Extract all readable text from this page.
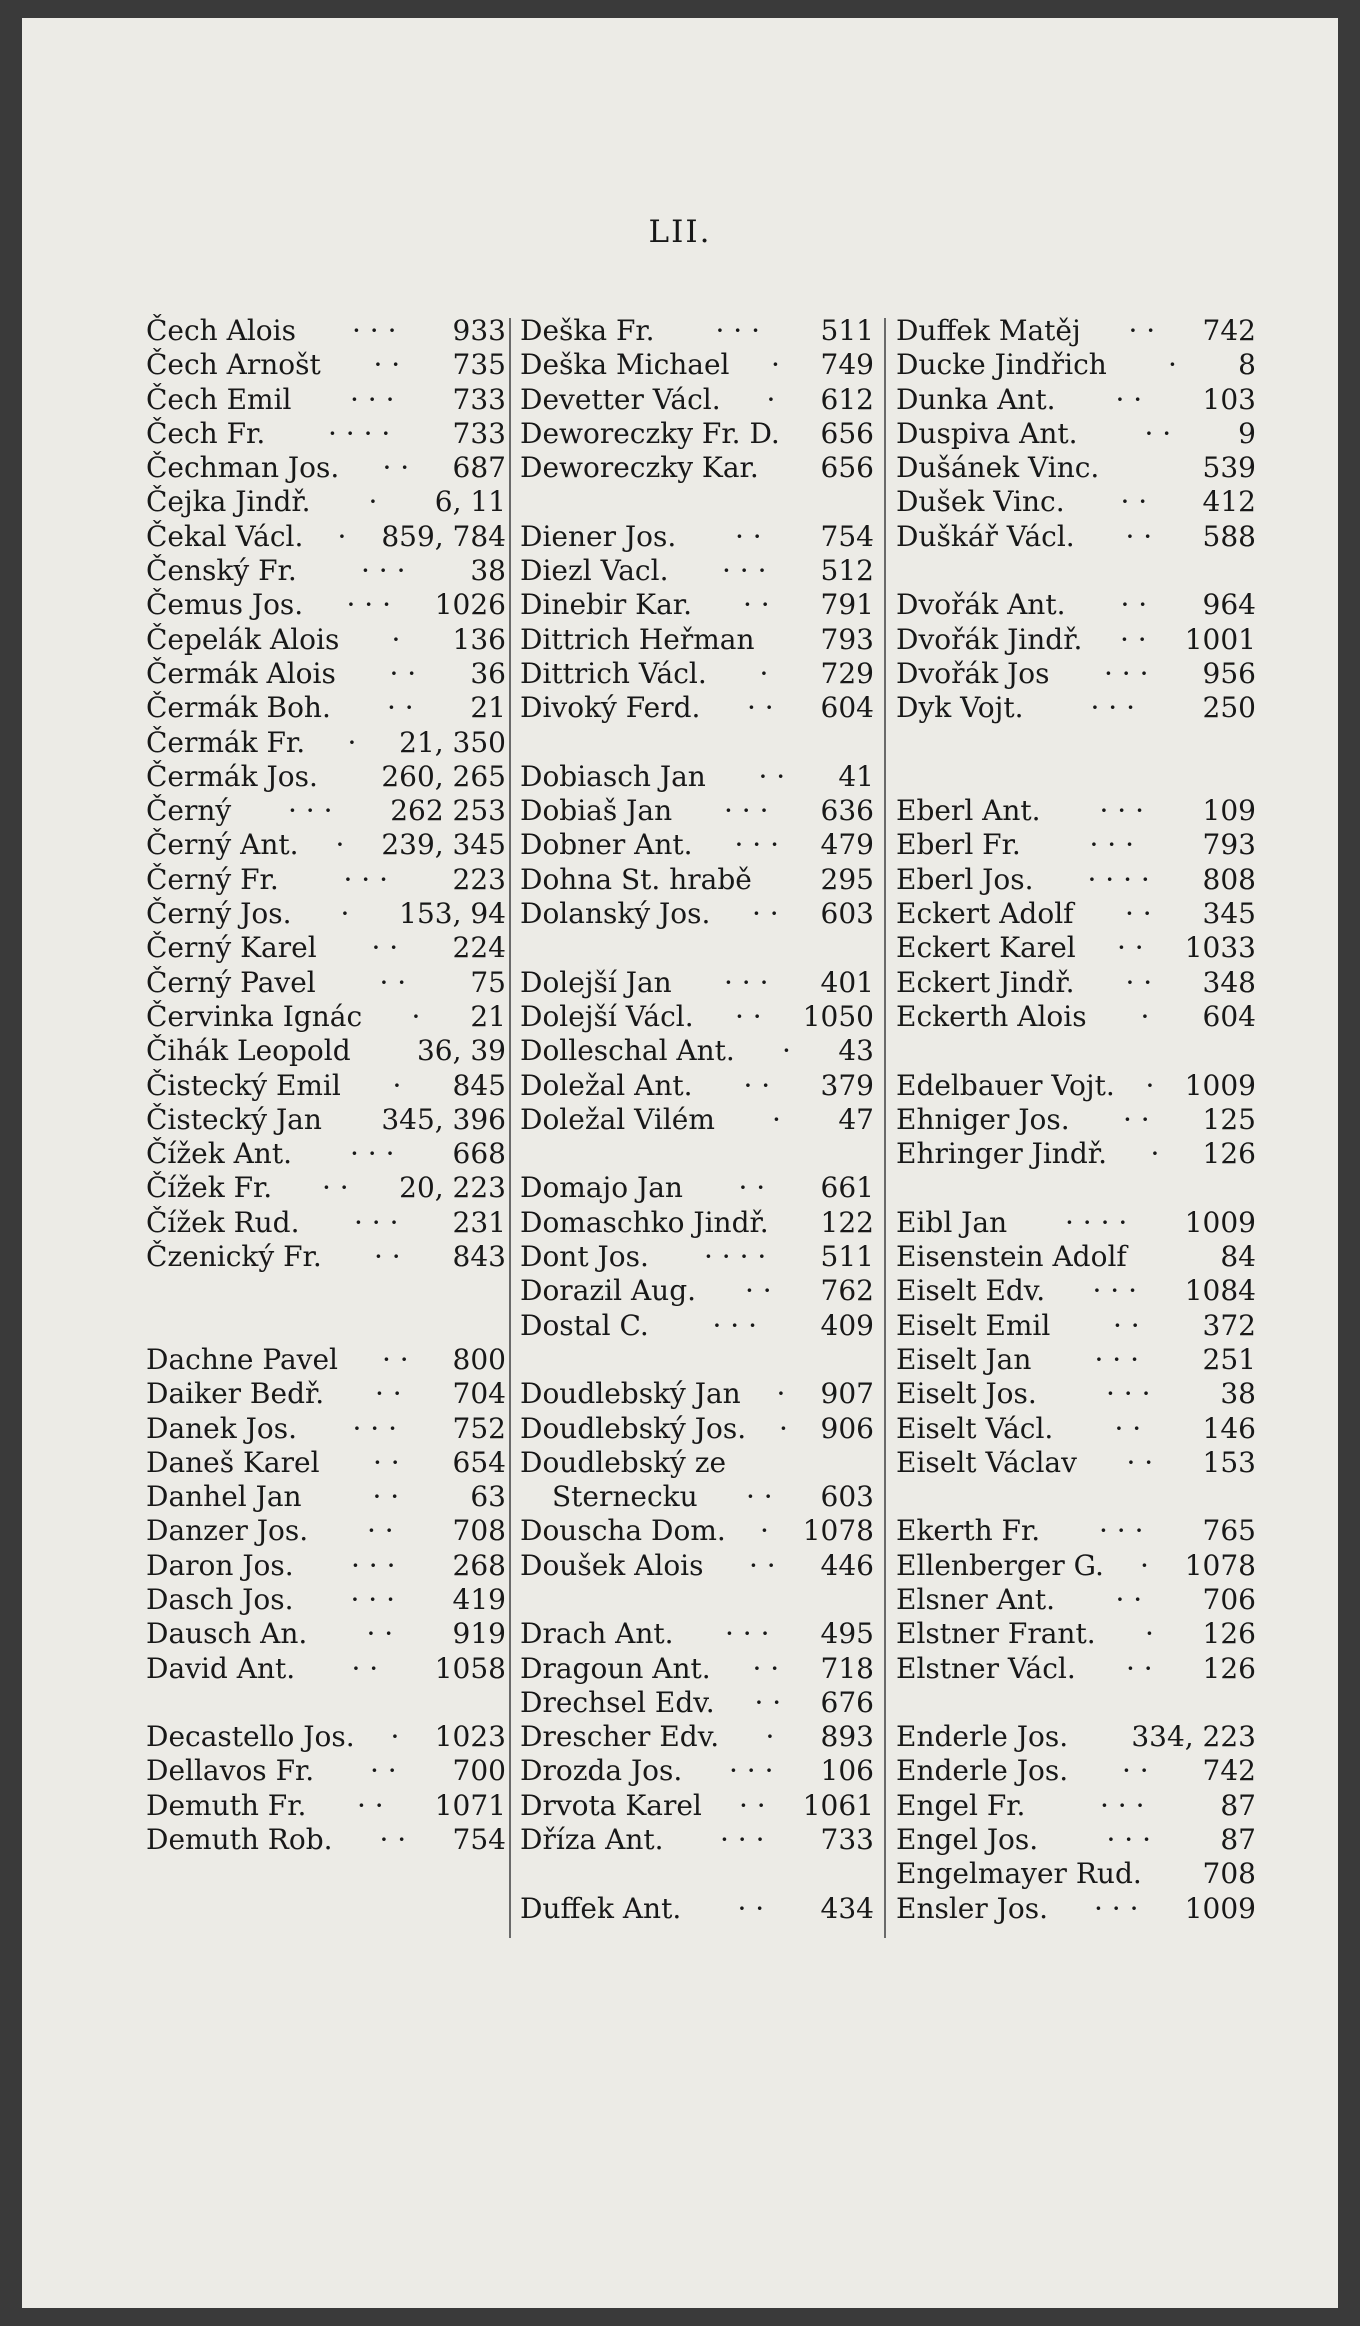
LII.
Čech Alois · · · 933
Čech Arnošt · · 735
Čech Emil · · · 733
Čech Fr. · · · · 733
Čechman Jos. · · 687
Čejka Jindř. · 6, 11
Čekal Václ. · 859, 784
Čenský Fr. · · · 38
Čemus Jos. · · · 1026
Čepelák Alois · 136
Čermák Alois · · 36
Čermák Boh. · · 21
Čermák Fr. · 21, 350
Čermák Jos. 260, 265
Černý · · · 262 253
Černý Ant. · 239, 345
Černý Fr. · · · 223
Černý Jos. · 153, 94
Černý Karel · · 224
Černý Pavel · · 75
Červinka Ignác · 21
Čihák Leopold 36, 39
Čistecký Emil · 845
Čistecký Jan 345, 396
Čížek Ant. · · · 668
Čížek Fr. · · 20, 223
Čížek Rud. · · · 231
Čzenický Fr. · · 843
Dachne Pavel · · 800
Daiker Bedř. · · 704
Danek Jos. · · · 752
Daneš Karel · · 654
Danhel Jan	· ·	63
Danzer Jos. · · 708
Daron Jos. · · · 268
Dasch Jos. · · · 419
Dausch An. · · 919
David Ant. · · 1058
Decastello Jos. · 1023
Dellavos Fr. · · 700
Demuth Fr. · · 1071
Demuth Rob. · · 754
Deška Fr. · · · 511
Deška Michael · 749
Devetter Václ. · 612
Deworeczky Fr. D. 656
Deworeczky Kar. 656
Diener Jos. · · 754
Diezl Vacl. · · · 512
Dinebir Kar. · · 791
Dittrich Heřman 793
Dittrich Václ. · 729
Divoký Ferd. · · 604
Dobiasch Jan · · 41
Dobiaš Jan · · · 636
Dobner Ant. · · · 479
Dohna St. hrabě 295
Dolanský Jos. · · 603
Dolejší Jan · · · 401
Dolejší Václ. · · 1050
Dolleschal Ant. · 43
Doležal Ant. · · 379
Doležal Vilém · 47
Domajo Jan · · 661
Domaschko Jindř. 122
Dont Jos. · · · · 511
Dorazil Aug. · · 762
Dostal C. · · · 409
Doudlebský Jan · 907
Doudlebský Jos. · 906
Doudlebský ze
Sternecku · · 603
Douscha Dom. · 1078
Doušek Alois · · 446
Drach Ant. · · · 495
Dragoun Ant. · · 718
Drechsel Edv. · · 676
Drescher Edv. · 893
Drozda Jos. · · · 106
Drvota Karel · · 1061
Dříza Ant. · · · 733
Duffek Ant. · · 434
Duffek Matěj · · 742
Ducke Jindřich · 8
Dunka Ant. · · 103
Duspiva Ant. · · 9
Dušánek Vinc.	539
Dušek Vinc. · · 412
Duškář Václ. · · 588
Dvořák Ant. · · 964
Dvořák Jindř. · · 1001
Dvořák Jos · · · 956
Dyk Vojt. · · · 250
Eberl Ant. · · · 109
Eberl Fr. · · · 793
Eberl Jos. · · · · 808
Eckert Adolf · · 345
Eckert Karel · · 1033
Eckert Jindř. · · 348
Eckerth Alois · 604
Edelbauer Vojt. · 1009
Ehniger Jos. · · 125
Ehringer Jindř. · 126
Eibl Jan · · · · 1009
Eisenstein Adolf	84
Eiselt Edv. · · · 1084
Eiselt Emil · · 372
Eiselt Jan · · · 251
Eiselt Jos. · · · 38
Eiselt Václ. · · 146
Eiselt Václav · · 153
Ekerth Fr. · · · 765
Ellenberger G. · 1078
Elsner Ant. · · 706
Elstner Frant. · 126
Elstner Václ. · · 126
Enderle Jos. 334, 223
Enderle Jos. · · 742
Engel Fr.	· · ·	87
Engel Jos. · · · 87
Engelmayer Rud. 708
Ensler Jos. · · · 1009
